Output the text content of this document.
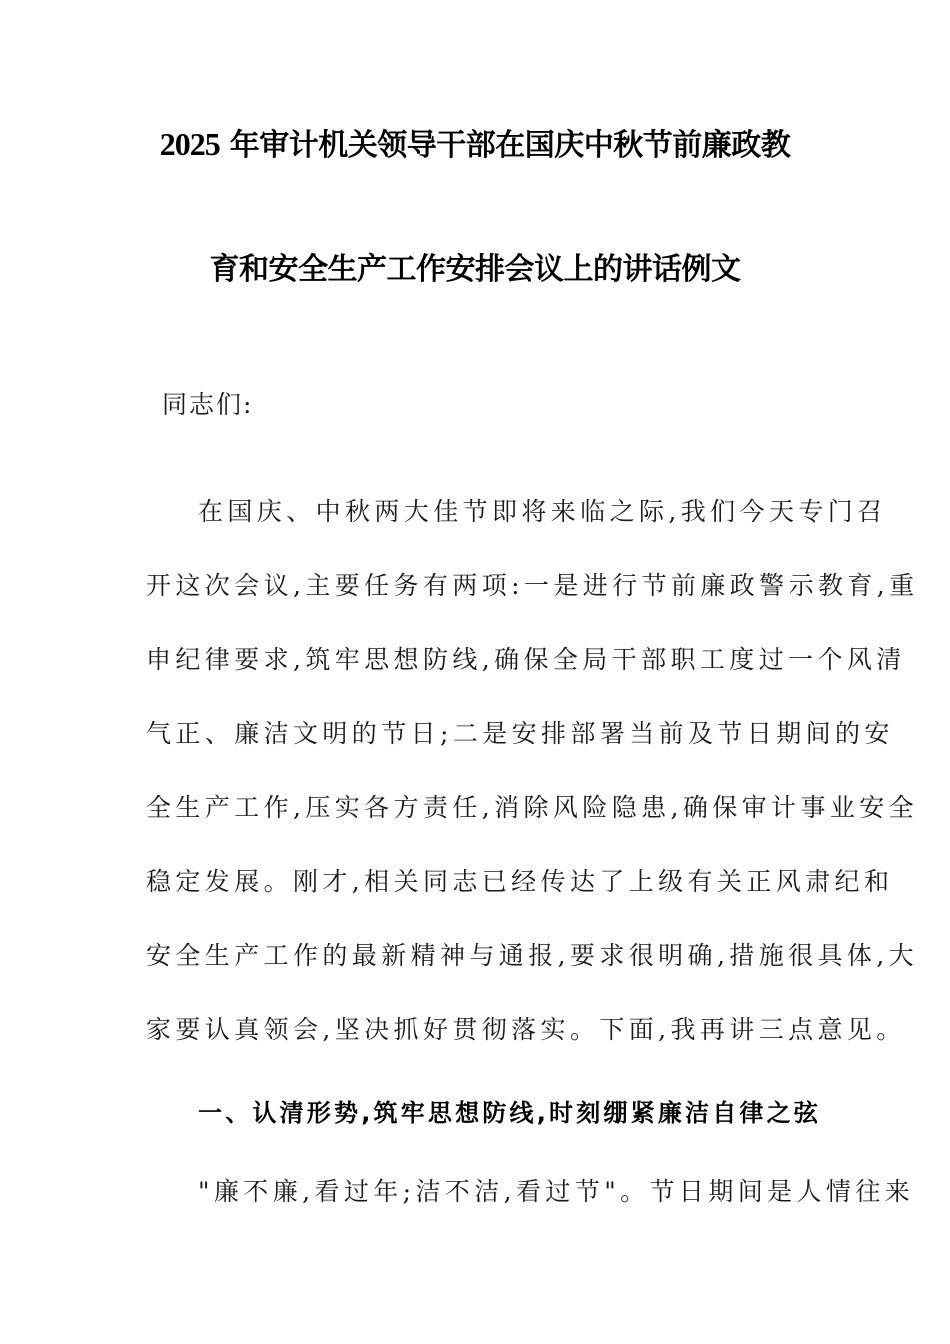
2025 年审计机关领导干部在国庆中秋节前廉政教
育和安全生产工作安排会议上的讲话例文
同志们:
在国庆、中秋两大佳节即将来临之际,我们今天专门召
开这次会议,主要任务有两项:一是进行节前廉政警示教育,重
申纪律要求,筑牢思想防线,确保全局干部职工度过一个风清
气正、廉洁文明的节日;二是安排部署当前及节日期间的安
全生产工作,压实各方责任,消除风险隐患,确保审计事业安全
稳定发展。刚才,相关同志已经传达了上级有关正风肃纪和
安全生产工作的最新精神与通报,要求很明确,措施很具体,大
家要认真领会,坚决抓好贯彻落实。下面,我再讲三点意见。
一、认清形势,筑牢思想防线,时刻绷紧廉洁自律之弦
"廉不廉,看过年;洁不洁,看过节"。节日期间是人情往来
